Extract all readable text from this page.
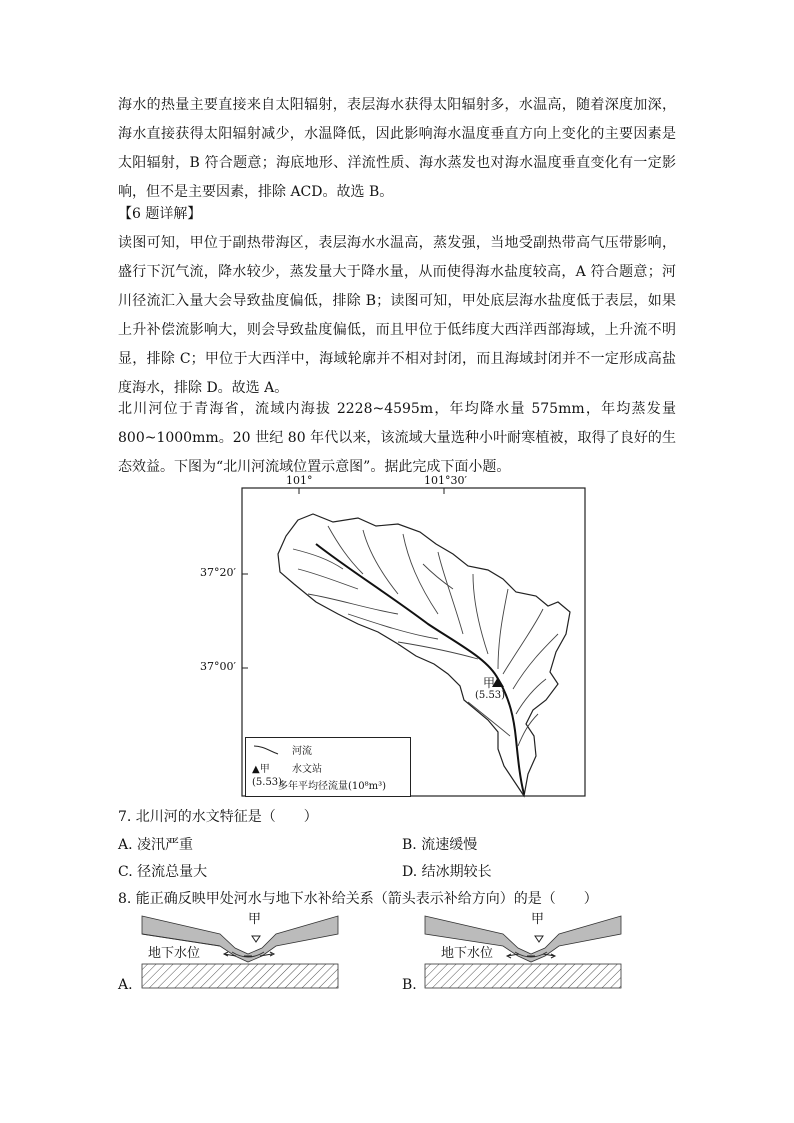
海水的热量主要直接来自太阳辐射，表层海水获得太阳辐射多，水温高，随着深度加深，海水直接获得太阳辐射减少，水温降低，因此影响海水温度垂直方向上变化的主要因素是太阳辐射，B 符合题意；海底地形、洋流性质、海水蒸发也对海水温度垂直变化有一定影响，但不是主要因素，排除 ACD。故选 B。

【6 题详解】

读图可知，甲位于副热带海区，表层海水水温高，蒸发强，当地受副热带高气压带影响，盛行下沉气流，降水较少，蒸发量大于降水量，从而使得海水盐度较高，A 符合题意；河川径流汇入量大会导致盐度偏低，排除 B；读图可知，甲处底层海水盐度低于表层，如果上升补偿流影响大，则会导致盐度偏低，而且甲位于低纬度大西洋西部海域，上升流不明显，排除 C；甲位于大西洋中，海域轮廓并不相对封闭，而且海域封闭并不一定形成高盐度海水，排除 D。故选 A。

北川河位于青海省，流域内海拔 2228~4595m，年均降水量 575mm，年均蒸发量 800~1000mm。20 世纪 80 年代以来，该流域大量选种小叶耐寒植被，取得了良好的生态效益。下图为“北川河流域位置示意图”。据此完成下面小题。

101°	101°30′
37°20′
37°00′
甲
(5.53)
河流
▲甲 水文站
(5.53)
多年平均径流量(10⁸m³)

7. 北川河的水文特征是（　　）

A. 凌汛严重	B. 流速缓慢
C. 径流总量大	D. 结冰期较长

8. 能正确反映甲处河水与地下水补给关系（箭头表示补给方向）的是（　　）

A.
甲
地下水位
B.
甲
地下水位
